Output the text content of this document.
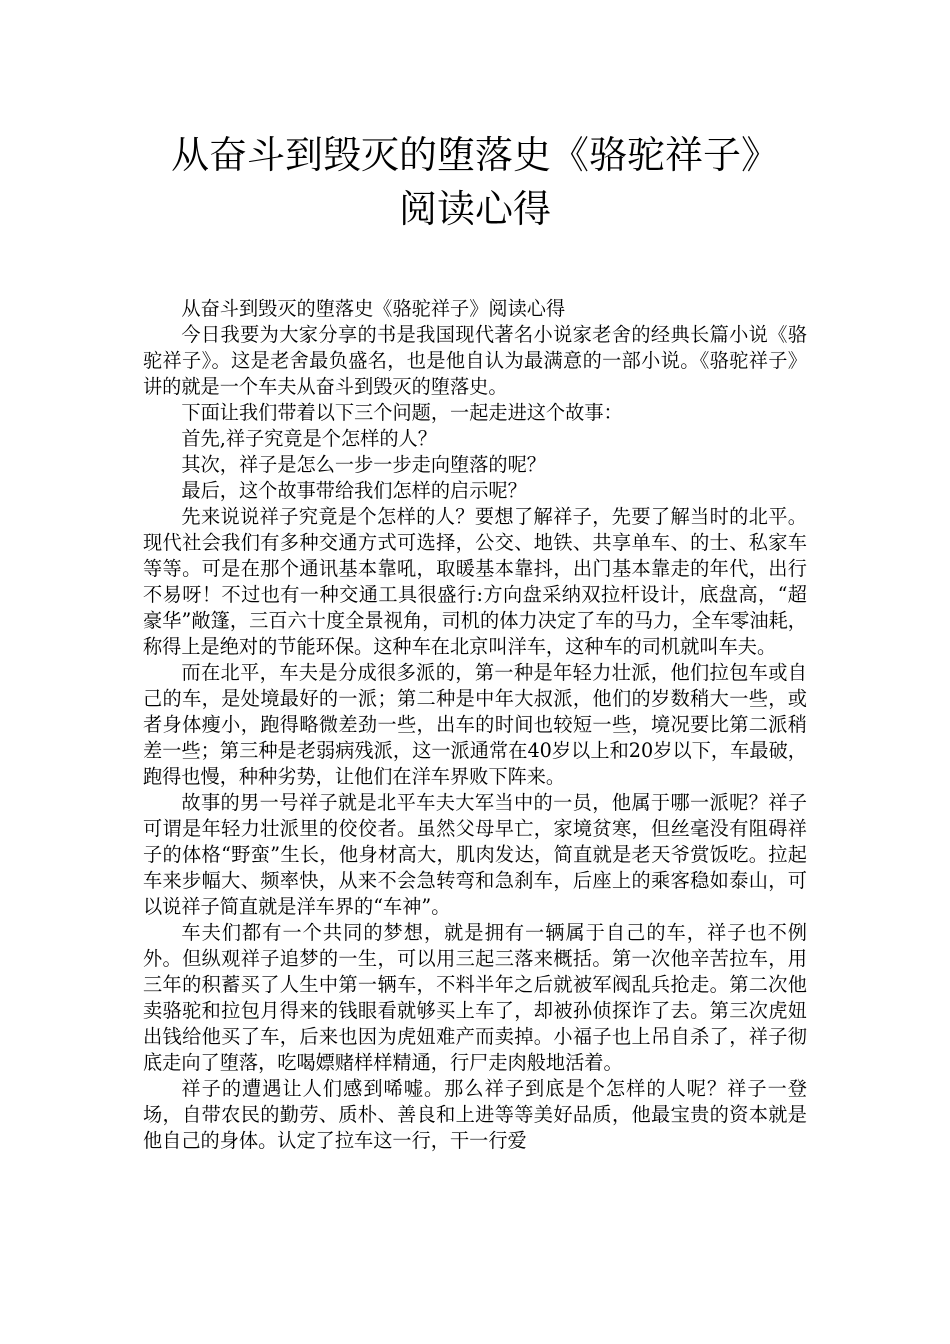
从奋斗到毁灭的堕落史《骆驼祥子》
阅读心得

从奋斗到毁灭的堕落史《骆驼祥子》阅读心得

今日我要为大家分享的书是我国现代著名小说家老舍的经典长篇小说《骆驼祥子》。这是老舍最负盛名，也是他自认为最满意的一部小说。《骆驼祥子》讲的就是一个车夫从奋斗到毁灭的堕落史。

下面让我们带着以下三个问题，一起走进这个故事：

首先,祥子究竟是个怎样的人？

其次，祥子是怎么一步一步走向堕落的呢？

最后，这个故事带给我们怎样的启示呢？

先来说说祥子究竟是个怎样的人？要想了解祥子，先要了解当时的北平。现代社会我们有多种交通方式可选择，公交、地铁、共享单车、的士、私家车等等。可是在那个通讯基本靠吼，取暖基本靠抖，出门基本靠走的年代，出行不易呀！不过也有一种交通工具很盛行:方向盘采纳双拉杆设计，底盘高，“超豪华”敞篷，三百六十度全景视角，司机的体力决定了车的马力，全车零油耗，称得上是绝对的节能环保。这种车在北京叫洋车，这种车的司机就叫车夫。

而在北平，车夫是分成很多派的，第一种是年轻力壮派，他们拉包车或自己的车，是处境最好的一派；第二种是中年大叔派，他们的岁数稍大一些，或者身体瘦小，跑得略微差劲一些，出车的时间也较短一些，境况要比第二派稍差一些；第三种是老弱病残派，这一派通常在40岁以上和20岁以下，车最破，跑得也慢，种种劣势，让他们在洋车界败下阵来。

故事的男一号祥子就是北平车夫大军当中的一员，他属于哪一派呢？祥子可谓是年轻力壮派里的佼佼者。虽然父母早亡，家境贫寒，但丝毫没有阻碍祥子的体格“野蛮”生长，他身材高大，肌肉发达，简直就是老天爷赏饭吃。拉起车来步幅大、频率快，从来不会急转弯和急刹车，后座上的乘客稳如泰山，可以说祥子简直就是洋车界的“车神”。

车夫们都有一个共同的梦想，就是拥有一辆属于自己的车，祥子也不例外。但纵观祥子追梦的一生，可以用三起三落来概括。第一次他辛苦拉车，用三年的积蓄买了人生中第一辆车，不料半年之后就被军阀乱兵抢走。第二次他卖骆驼和拉包月得来的钱眼看就够买上车了，却被孙侦探诈了去。第三次虎妞出钱给他买了车，后来也因为虎妞难产而卖掉。小福子也上吊自杀了，祥子彻底走向了堕落，吃喝嫖赌样样精通，行尸走肉般地活着。

祥子的遭遇让人们感到唏嘘。那么祥子到底是个怎样的人呢？祥子一登场，自带农民的勤劳、质朴、善良和上进等等美好品质，他最宝贵的资本就是他自己的身体。认定了拉车这一行，干一行爱
